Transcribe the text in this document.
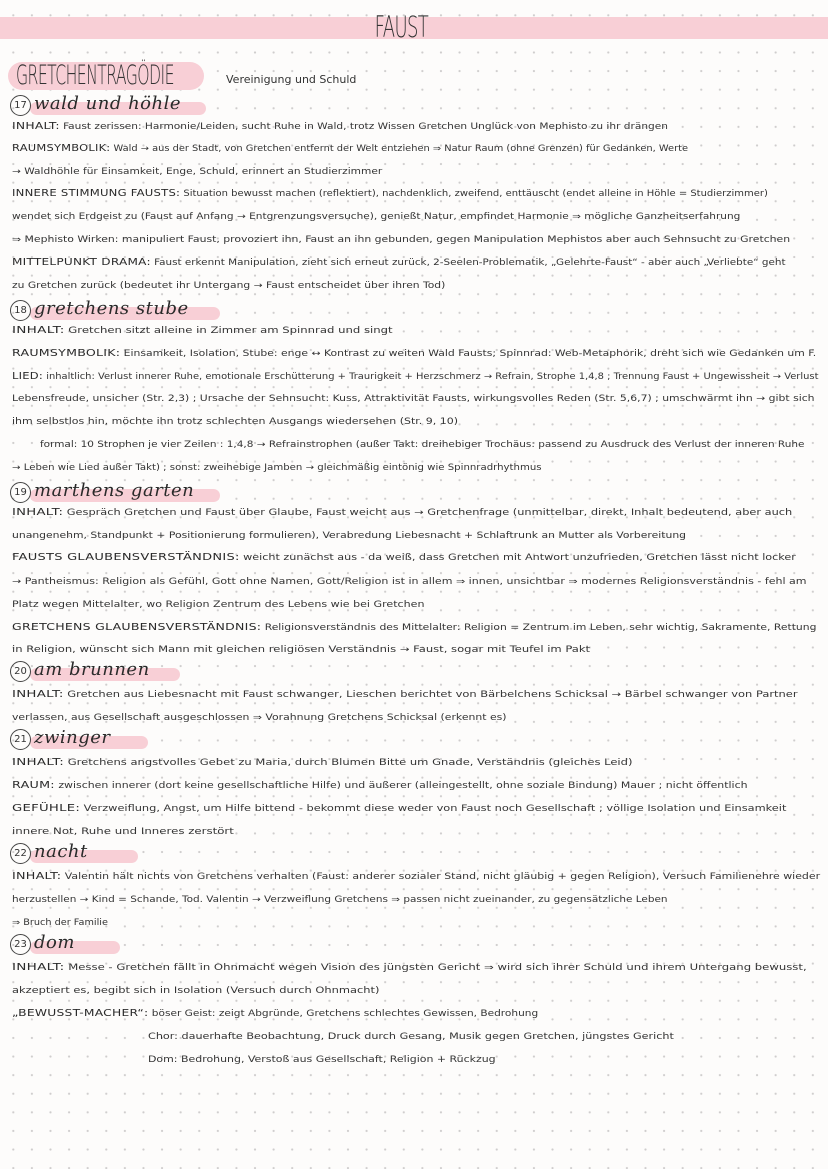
FAUST
GRETCHENTRAGÖDIE	Vereinigung und Schuld
17 wald und höhle
18 gretchens stube
19 marthens garten
20 am brunnen
21 zwinger
22 nacht
23 dom
INHALT: Faust zerissen: Harmonie/Leiden, sucht Ruhe in Wald, trotz Wissen Gretchen Unglück von Mephisto zu ihr drängen
RAUMSYMBOLIK: Wald → aus der Stadt, von Gretchen entfernt der Welt entziehen ⇒ Natur Raum (ohne Grenzen) für Gedanken, Werte
→ Waldhöhle für Einsamkeit, Enge, Schuld, erinnert an Studierzimmer
INNERE STIMMUNG FAUSTS: Situation bewusst machen (reflektiert), nachdenklich, zweifend, enttäuscht (endet alleine in Höhle = Studierzimmer)
wendet sich Erdgeist zu (Faust auf Anfang → Entgrenzungsversuche), genießt Natur, empfindet Harmonie ⇒ mögliche Ganzheitserfahrung
⇒ Mephisto Wirken: manipuliert Faust, provoziert ihn, Faust an ihn gebunden, gegen Manipulation Mephistos aber auch Sehnsucht zu Gretchen
MITTELPUNKT DRAMA: Faust erkennt Manipulation, zieht sich erneut zurück, 2-Seelen-Problematik, „Gelehrte-Faust“ - aber auch „Verliebte“ geht
zu Gretchen zurück (bedeutet ihr Untergang → Faust entscheidet über ihren Tod)
INHALT: Gretchen sitzt alleine in Zimmer am Spinnrad und singt
RAUMSYMBOLIK: Einsamkeit, Isolation, Stube: enge ↔ Kontrast zu weiten Wald Fausts; Spinnrad: Web-Metaphorik, dreht sich wie Gedanken um F.
LIED: inhaltlich: Verlust innerer Ruhe, emotionale Erschütterung + Traurigkeit + Herzschmerz → Refrain, Strophe 1,4,8 ; Trennung Faust + Ungewissheit → Verlust
Lebensfreude, unsicher (Str. 2,3) ; Ursache der Sehnsucht: Kuss, Attraktivität Fausts, wirkungsvolles Reden (Str. 5,6,7) ; umschwärmt ihn → gibt sich
ihm selbstlos hin, möchte ihn trotz schlechten Ausgangs wiedersehen (Str. 9, 10)
formal: 10 Strophen je vier Zeilen : 1,4,8 → Refrainstrophen (außer Takt: dreihebiger Trochäus: passend zu Ausdruck des Verlust der inneren Ruhe
→ Leben wie Lied außer Takt) ; sonst: zweihebige Jamben → gleichmäßig eintönig wie Spinnradrhythmus
INHALT: Gespräch Gretchen und Faust über Glaube, Faust weicht aus → Gretchenfrage (unmittelbar, direkt, Inhalt bedeutend, aber auch
unangenehm, Standpunkt + Positionierung formulieren), Verabredung Liebesnacht + Schlaftrunk an Mutter als Vorbereitung
FAUSTS GLAUBENSVERSTÄNDNIS: weicht zunächst aus - da weiß, dass Gretchen mit Antwort unzufrieden, Gretchen lässt nicht locker
→ Pantheismus: Religion als Gefühl, Gott ohne Namen, Gott/Religion ist in allem ⇒ innen, unsichtbar ⇒ modernes Religionsverständnis - fehl am
Platz wegen Mittelalter, wo Religion Zentrum des Lebens wie bei Gretchen
GRETCHENS GLAUBENSVERSTÄNDNIS: Religionsverständnis des Mittelalter: Religion = Zentrum im Leben, sehr wichtig, Sakramente, Rettung
in Religion, wünscht sich Mann mit gleichen religiösen Verständnis → Faust, sogar mit Teufel im Pakt
INHALT: Gretchen aus Liebesnacht mit Faust schwanger, Lieschen berichtet von Bärbelchens Schicksal → Bärbel schwanger von Partner
verlassen, aus Gesellschaft ausgeschlossen ⇒ Vorahnung Gretchens Schicksal (erkennt es)
INHALT: Gretchens angstvolles Gebet zu Maria, durch Blumen Bitte um Gnade, Verständnis (gleiches Leid)
RAUM: zwischen innerer (dort keine gesellschaftliche Hilfe) und äußerer (alleingestellt, ohne soziale Bindung) Mauer ; nicht öffentlich
GEFÜHLE: Verzweiflung, Angst, um Hilfe bittend - bekommt diese weder von Faust noch Gesellschaft ; völlige Isolation und Einsamkeit
innere Not, Ruhe und Inneres zerstört
INHALT: Valentin hält nichts von Gretchens verhalten (Faust: anderer sozialer Stand, nicht gläubig + gegen Religion), Versuch Familienehre wieder
herzustellen → Kind = Schande, Tod. Valentin → Verzweiflung Gretchens ⇒ passen nicht zueinander, zu gegensätzliche Leben
⇒ Bruch der Familie
INHALT: Messe - Gretchen fällt in Ohnmacht wegen Vision des jüngsten Gericht ⇒ wird sich ihrer Schuld und ihrem Untergang bewusst,
akzeptiert es, begibt sich in Isolation (Versuch durch Ohnmacht)
„BEWUSST-MACHER“: böser Geist: zeigt Abgründe, Gretchens schlechtes Gewissen, Bedrohung
Chor: dauerhafte Beobachtung, Druck durch Gesang, Musik gegen Gretchen, jüngstes Gericht
Dom: Bedrohung, Verstoß aus Gesellschaft, Religion + Rückzug
